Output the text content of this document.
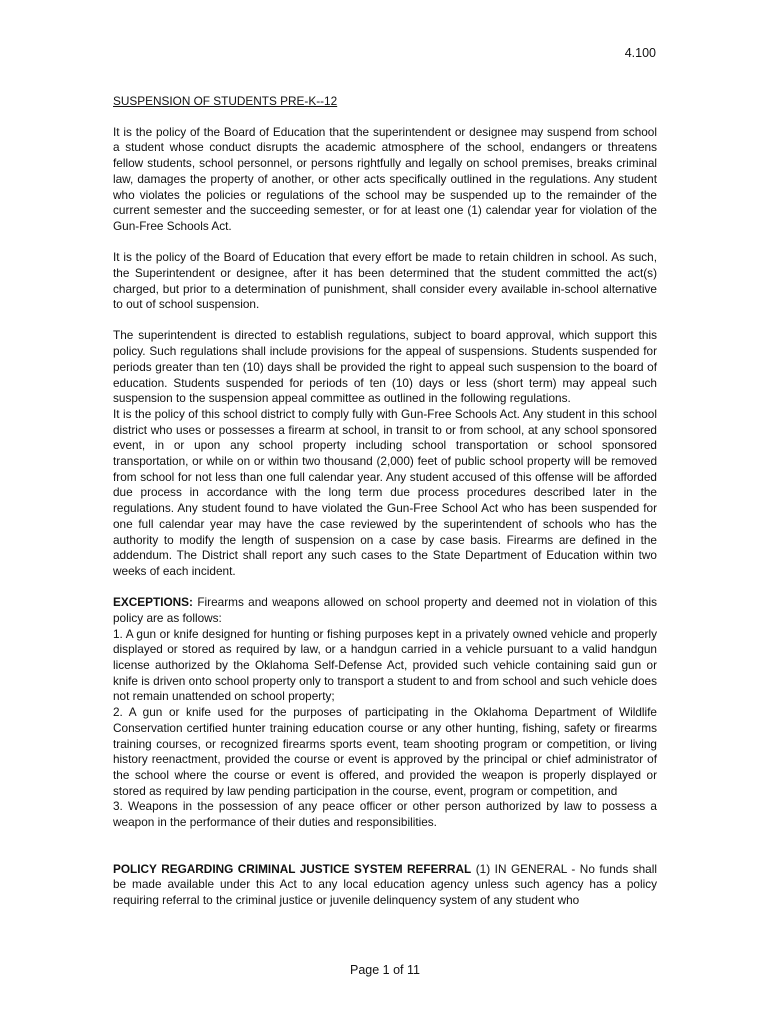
4.100
SUSPENSION OF STUDENTS PRE-K--12

It is the policy of the Board of Education that the superintendent or designee may suspend from school a student whose conduct disrupts the academic atmosphere of the school, endangers or threatens fellow students, school personnel, or persons rightfully and legally on school premises, breaks criminal law, damages the property of another, or other acts specifically outlined in the regulations. Any student who violates the policies or regulations of the school may be suspended up to the remainder of the current semester and the succeeding semester, or for at least one (1) calendar year for violation of the Gun-Free Schools Act.

It is the policy of the Board of Education that every effort be made to retain children in school. As such, the Superintendent or designee, after it has been determined that the student committed the act(s) charged, but prior to a determination of punishment, shall consider every available in-school alternative to out of school suspension.

The superintendent is directed to establish regulations, subject to board approval, which support this policy. Such regulations shall include provisions for the appeal of suspensions. Students suspended for periods greater than ten (10) days shall be provided the right to appeal such suspension to the board of education. Students suspended for periods of ten (10) days or less (short term) may appeal such suspension to the suspension appeal committee as outlined in the following regulations.

It is the policy of this school district to comply fully with Gun-Free Schools Act. Any student in this school district who uses or possesses a firearm at school, in transit to or from school, at any school sponsored event, in or upon any school property including school transportation or school sponsored transportation, or while on or within two thousand (2,000) feet of public school property will be removed from school for not less than one full calendar year. Any student accused of this offense will be afforded due process in accordance with the long term due process procedures described later in the regulations. Any student found to have violated the Gun-Free School Act who has been suspended for one full calendar year may have the case reviewed by the superintendent of schools who has the authority to modify the length of suspension on a case by case basis. Firearms are defined in the addendum. The District shall report any such cases to the State Department of Education within two weeks of each incident.

EXCEPTIONS: Firearms and weapons allowed on school property and deemed not in violation of this policy are as follows:

1. A gun or knife designed for hunting or fishing purposes kept in a privately owned vehicle and properly displayed or stored as required by law, or a handgun carried in a vehicle pursuant to a valid handgun license authorized by the Oklahoma Self-Defense Act, provided such vehicle containing said gun or knife is driven onto school property only to transport a student to and from school and such vehicle does not remain unattended on school property;

2. A gun or knife used for the purposes of participating in the Oklahoma Department of Wildlife Conservation certified hunter training education course or any other hunting, fishing, safety or firearms training courses, or recognized firearms sports event, team shooting program or competition, or living history reenactment, provided the course or event is approved by the principal or chief administrator of the school where the course or event is offered, and provided the weapon is properly displayed or stored as required by law pending participation in the course, event, program or competition, and

3. Weapons in the possession of any peace officer or other person authorized by law to possess a weapon in the performance of their duties and responsibilities.

POLICY REGARDING CRIMINAL JUSTICE SYSTEM REFERRAL (1) IN GENERAL - No funds shall be made available under this Act to any local education agency unless such agency has a policy requiring referral to the criminal justice or juvenile delinquency system of any student who

Page 1 of 11
